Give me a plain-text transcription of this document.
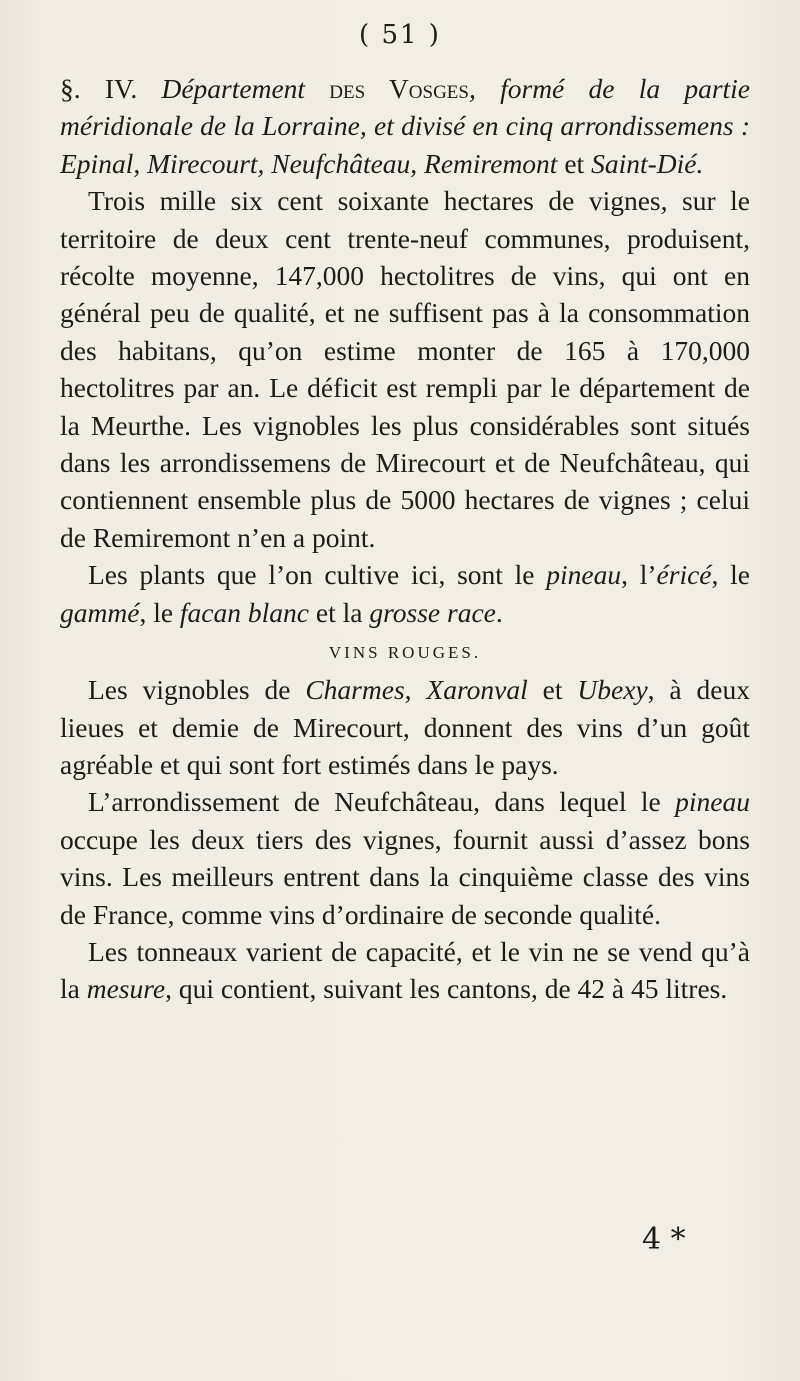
( 51 )

§. IV. Département des Vosges, formé de la partie méridionale de la Lorraine, et divisé en cinq arrondissemens : Epinal, Mirecourt, Neufchâteau, Remiremont et Saint-Dié.

Trois mille six cent soixante hectares de vignes, sur le territoire de deux cent trente-neuf communes, produisent, récolte moyenne, 147,000 hectolitres de vins, qui ont en général peu de qualité, et ne suffisent pas à la consommation des habitans, qu’on estime monter de 165 à 170,000 hectolitres par an. Le déficit est rempli par le département de la Meurthe. Les vignobles les plus considérables sont situés dans les arrondissemens de Mirecourt et de Neufchâteau, qui contiennent ensemble plus de 5000 hectares de vignes ; celui de Remiremont n’en a point.

Les plants que l’on cultive ici, sont le pineau, l’éricé, le gammé, le facan blanc et la grosse race.

VINS ROUGES.

Les vignobles de Charmes, Xaronval et Ubexy, à deux lieues et demie de Mirecourt, donnent des vins d’un goût agréable et qui sont fort estimés dans le pays.

L’arrondissement de Neufchâteau, dans lequel le pineau occupe les deux tiers des vignes, fournit aussi d’assez bons vins. Les meilleurs entrent dans la cinquième classe des vins de France, comme vins d’ordinaire de seconde qualité.

Les tonneaux varient de capacité, et le vin ne se vend qu’à la mesure, qui contient, suivant les cantons, de 42 à 45 litres.

4 *
